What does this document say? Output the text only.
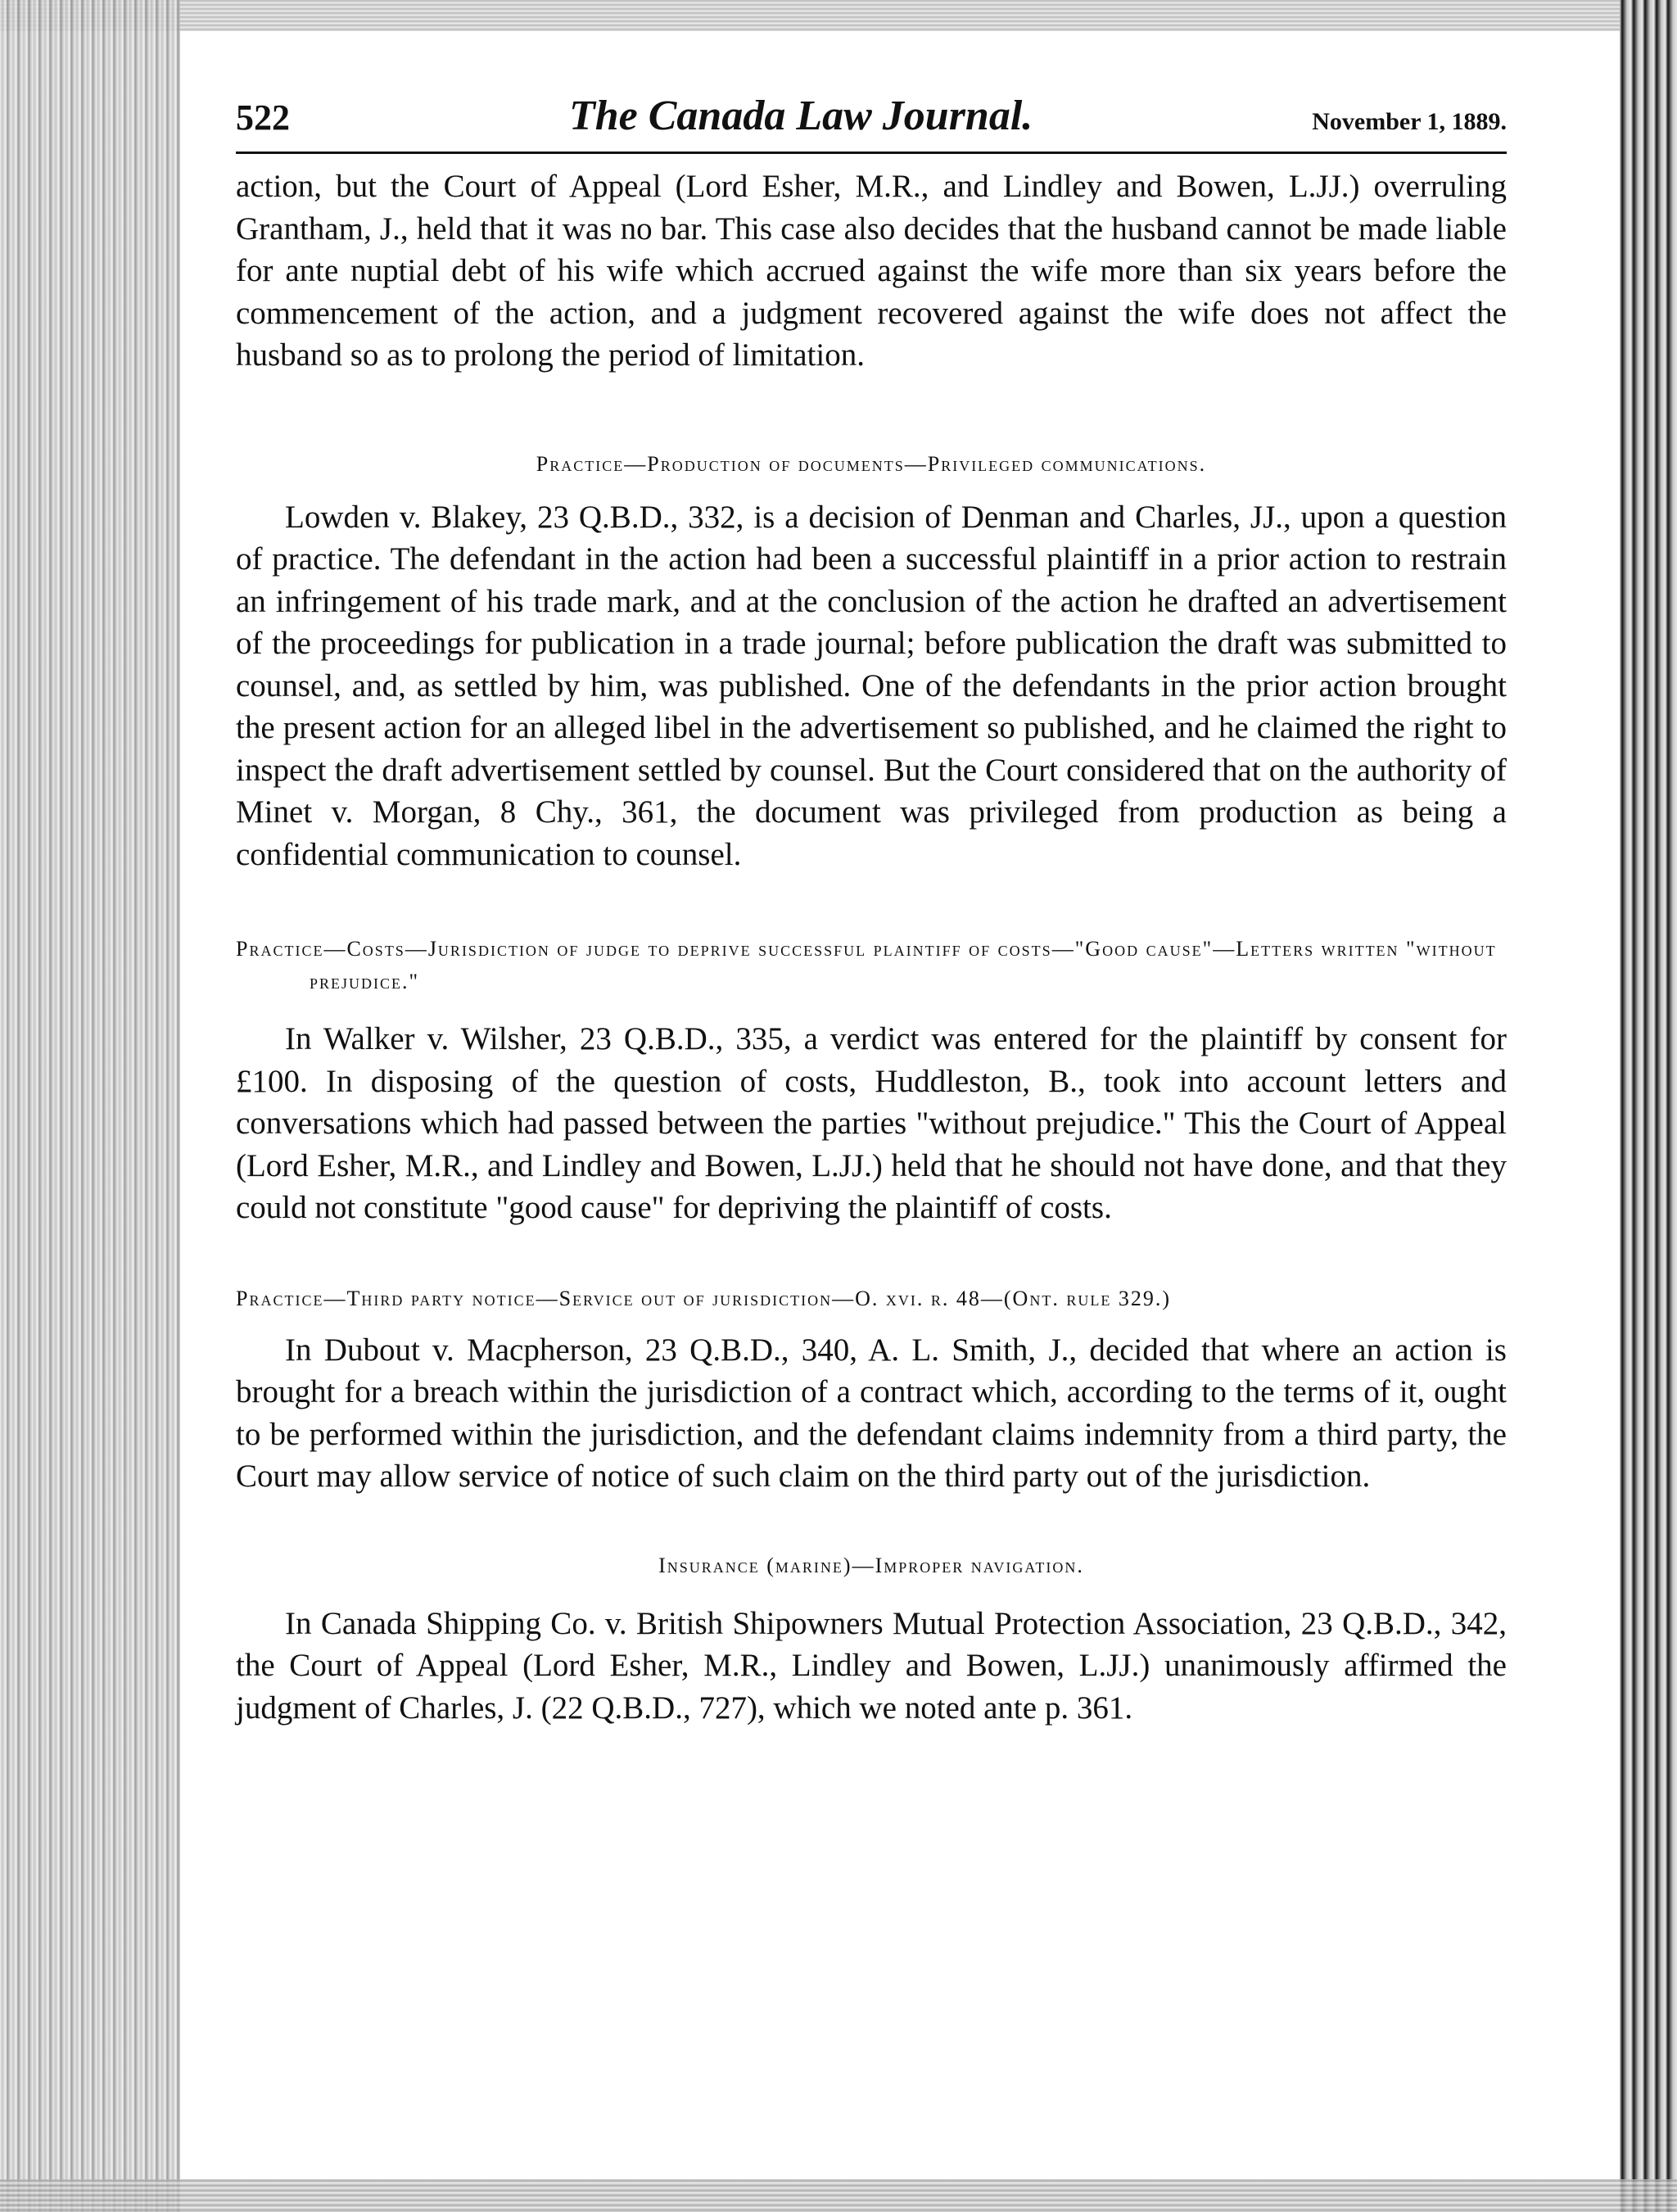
522	The Canada Law Journal.	November 1, 1889.

action, but the Court of Appeal (Lord Esher, M.R., and Lindley and Bowen, L.JJ.) overruling Grantham, J., held that it was no bar. This case also decides that the husband cannot be made liable for ante nuptial debt of his wife which accrued against the wife more than six years before the commencement of the action, and a judgment recovered against the wife does not affect the husband so as to prolong the period of limitation.

Practice—Production of documents—Privileged communications.

Lowden v. Blakey, 23 Q.B.D., 332, is a decision of Denman and Charles, JJ., upon a question of practice. The defendant in the action had been a successful plaintiff in a prior action to restrain an infringement of his trade mark, and at the conclusion of the action he drafted an advertisement of the proceedings for publication in a trade journal; before publication the draft was submitted to counsel, and, as settled by him, was published. One of the defendants in the prior action brought the present action for an alleged libel in the advertisement so published, and he claimed the right to inspect the draft advertisement settled by counsel. But the Court considered that on the authority of Minet v. Morgan, 8 Chy., 361, the document was privileged from production as being a confidential communication to counsel.

Practice—Costs—Jurisdiction of judge to deprive successful plaintiff of costs—"Good cause"—Letters written "without prejudice."

In Walker v. Wilsher, 23 Q.B.D., 335, a verdict was entered for the plaintiff by consent for £100. In disposing of the question of costs, Huddleston, B., took into account letters and conversations which had passed between the parties "without prejudice." This the Court of Appeal (Lord Esher, M.R., and Lindley and Bowen, L.JJ.) held that he should not have done, and that they could not constitute "good cause" for depriving the plaintiff of costs.

Practice—Third party notice—Service out of jurisdiction—O. xvi. r. 48—(Ont. rule 329.)

In Dubout v. Macpherson, 23 Q.B.D., 340, A. L. Smith, J., decided that where an action is brought for a breach within the jurisdiction of a contract which, according to the terms of it, ought to be performed within the jurisdiction, and the defendant claims indemnity from a third party, the Court may allow service of notice of such claim on the third party out of the jurisdiction.

Insurance (marine)—Improper navigation.

In Canada Shipping Co. v. British Shipowners Mutual Protection Association, 23 Q.B.D., 342, the Court of Appeal (Lord Esher, M.R., Lindley and Bowen, L.JJ.) unanimously affirmed the judgment of Charles, J. (22 Q.B.D., 727), which we noted ante p. 361.
